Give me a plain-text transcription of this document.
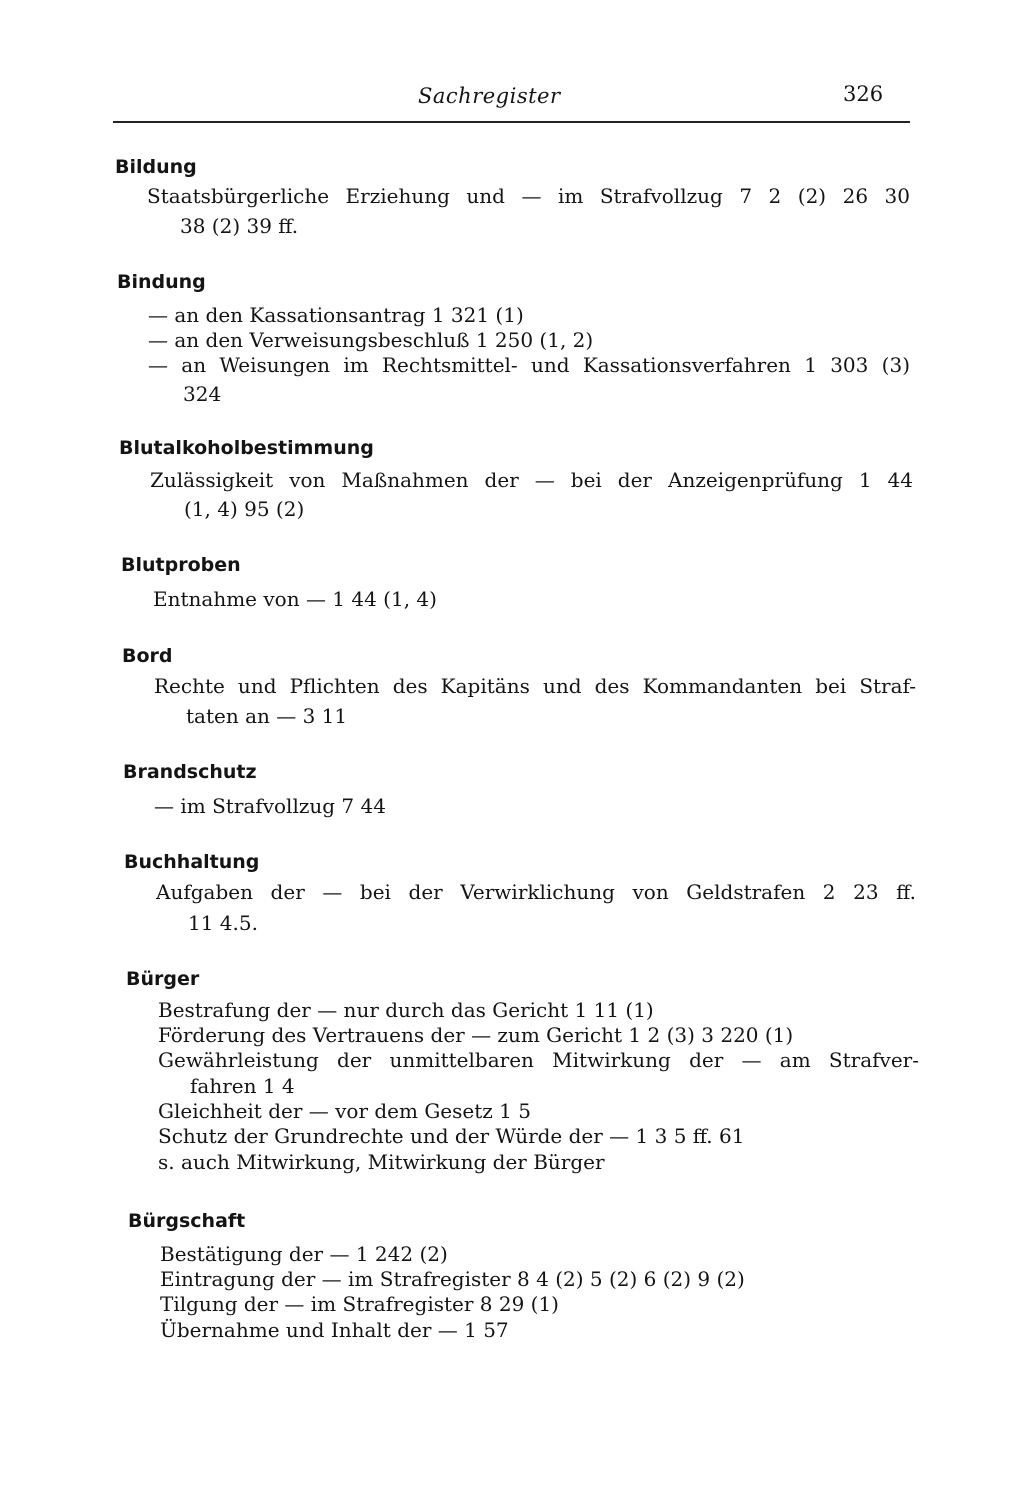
Sachregister	326
Bildung
Staatsbürgerliche Erziehung und — im Strafvollzug 7 2 (2) 26 30
38 (2) 39 ff.
Bindung
— an den Kassationsantrag 1 321 (1)
— an den Verweisungsbeschluß 1 250 (1, 2)
— an Weisungen im Rechtsmittel- und Kassationsverfahren 1 303 (3)
324
Blutalkoholbestimmung
Zulässigkeit von Maßnahmen der — bei der Anzeigenprüfung 1 44
(1, 4) 95 (2)
Blutproben
Entnahme von — 1 44 (1, 4)
Bord
Rechte und Pflichten des Kapitäns und des Kommandanten bei Straf-
taten an — 3 11
Brandschutz
— im Strafvollzug 7 44
Buchhaltung
Aufgaben der — bei der Verwirklichung von Geldstrafen 2 23 ff.
11 4.5.
Bürger
Bestrafung der — nur durch das Gericht 1 11 (1)
Förderung des Vertrauens der — zum Gericht 1 2 (3) 3 220 (1)
Gewährleistung der unmittelbaren Mitwirkung der — am Strafver-
fahren 1 4
Gleichheit der — vor dem Gesetz 1 5
Schutz der Grundrechte und der Würde der — 1 3 5 ff. 61
s. auch Mitwirkung, Mitwirkung der Bürger
Bürgschaft
Bestätigung der — 1 242 (2)
Eintragung der — im Strafregister 8 4 (2) 5 (2) 6 (2) 9 (2)
Tilgung der — im Strafregister 8 29 (1)
Übernahme und Inhalt der — 1 57
